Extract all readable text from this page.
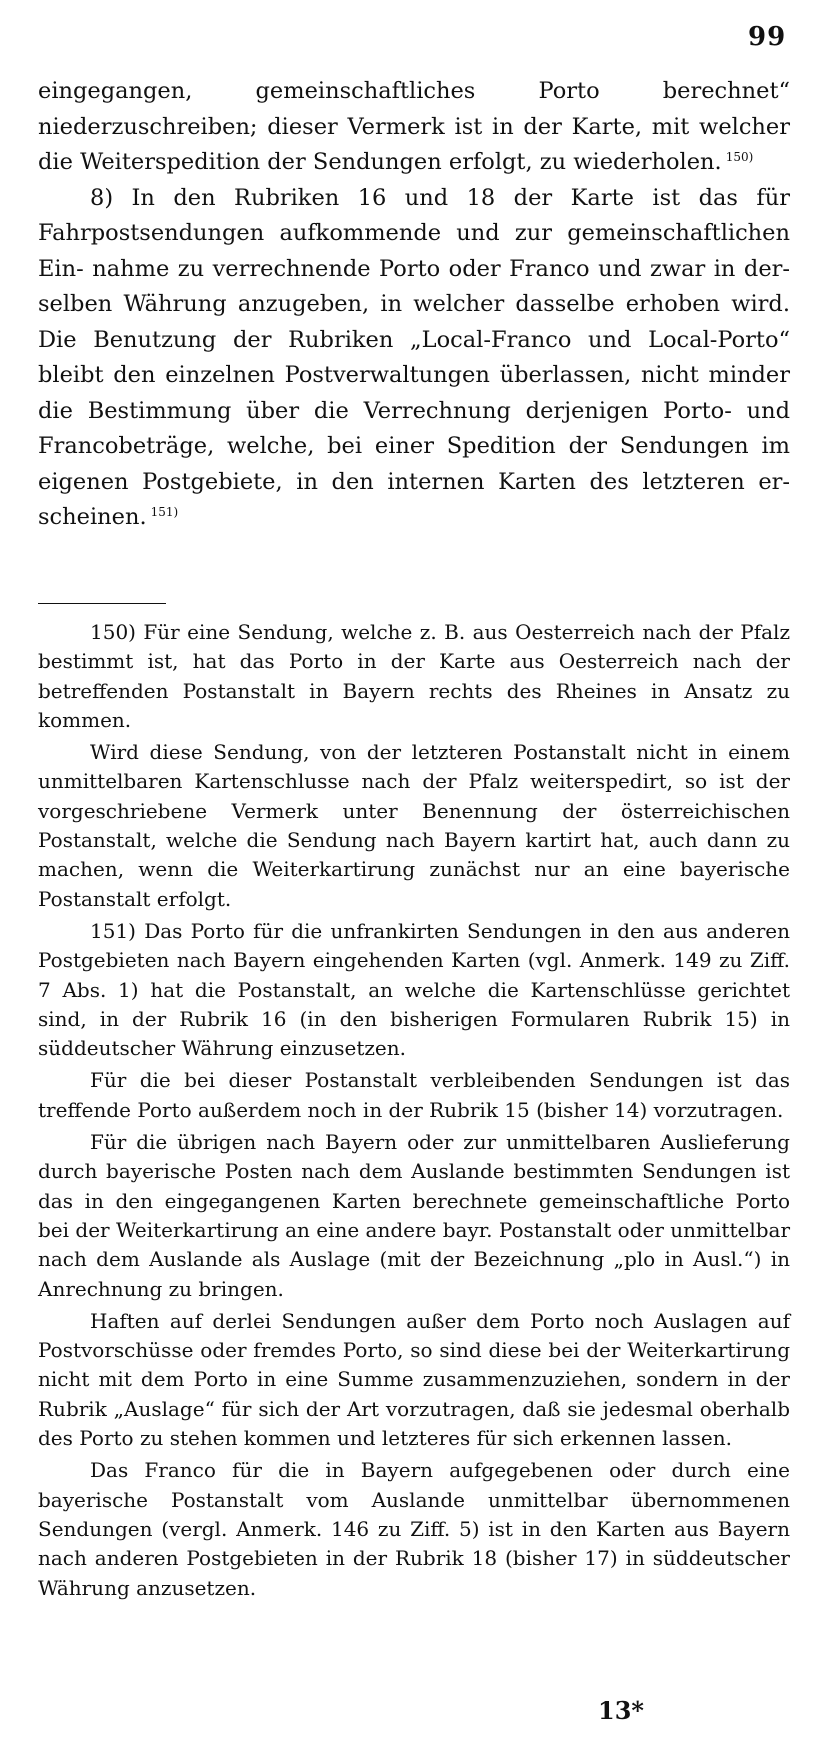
99

eingegangen, gemeinschaftliches Porto berechnet“ niederzuschreiben; dieser Vermerk ist in der Karte, mit welcher die Weiterspedition der Sendungen erfolgt, zu wiederholen. $^{150)}$

8) In den Rubriken 16 und 18 der Karte ist das für Fahrpostsendungen aufkommende und zur gemeinschaftlichen Ein- nahme zu verrechnende Porto oder Franco und zwar in der- selben Währung anzugeben, in welcher dasselbe erhoben wird. Die Benutzung der Rubriken „Local-Franco und Local-Porto“ bleibt den einzelnen Postverwaltungen überlassen, nicht minder die Bestimmung über die Verrechnung derjenigen Porto- und Francobeträge, welche, bei einer Spedition der Sendungen im eigenen Postgebiete, in den internen Karten des letzteren er- scheinen. $^{151)}$

150) Für eine Sendung, welche z. B. aus Oesterreich nach der Pfalz bestimmt ist, hat das Porto in der Karte aus Oesterreich nach der betreffenden Postanstalt in Bayern rechts des Rheines in Ansatz zu kommen.

Wird diese Sendung, von der letzteren Postanstalt nicht in einem unmittelbaren Kartenschlusse nach der Pfalz weiterspedirt, so ist der vorgeschriebene Vermerk unter Benennung der österreichischen Postanstalt, welche die Sendung nach Bayern kartirt hat, auch dann zu machen, wenn die Weiterkartirung zunächst nur an eine bayerische Postanstalt erfolgt.

151) Das Porto für die unfrankirten Sendungen in den aus anderen Postgebieten nach Bayern eingehenden Karten (vgl. Anmerk. 149 zu Ziff. 7 Abs. 1) hat die Postanstalt, an welche die Kartenschlüsse gerichtet sind, in der Rubrik 16 (in den bisherigen Formularen Rubrik 15) in süddeutscher Währung einzusetzen.

Für die bei dieser Postanstalt verbleibenden Sendungen ist das treffende Porto außerdem noch in der Rubrik 15 (bisher 14) vorzutragen.

Für die übrigen nach Bayern oder zur unmittelbaren Auslieferung durch bayerische Posten nach dem Auslande bestimmten Sendungen ist das in den eingegangenen Karten berechnete gemeinschaftliche Porto bei der Weiterkartirung an eine andere bayr. Postanstalt oder unmittelbar nach dem Auslande als Auslage (mit der Bezeichnung „plo in Ausl.“) in Anrechnung zu bringen.

Haften auf derlei Sendungen außer dem Porto noch Auslagen auf Postvorschüsse oder fremdes Porto, so sind diese bei der Weiterkartirung nicht mit dem Porto in eine Summe zusammenzuziehen, sondern in der Rubrik „Auslage“ für sich der Art vorzutragen, daß sie jedesmal oberhalb des Porto zu stehen kommen und letzteres für sich erkennen lassen.

Das Franco für die in Bayern aufgegebenen oder durch eine bayerische Postanstalt vom Auslande unmittelbar übernommenen Sendungen (vergl. Anmerk. 146 zu Ziff. 5) ist in den Karten aus Bayern nach anderen Postgebieten in der Rubrik 18 (bisher 17) in süddeutscher Währung anzusetzen.

13*
